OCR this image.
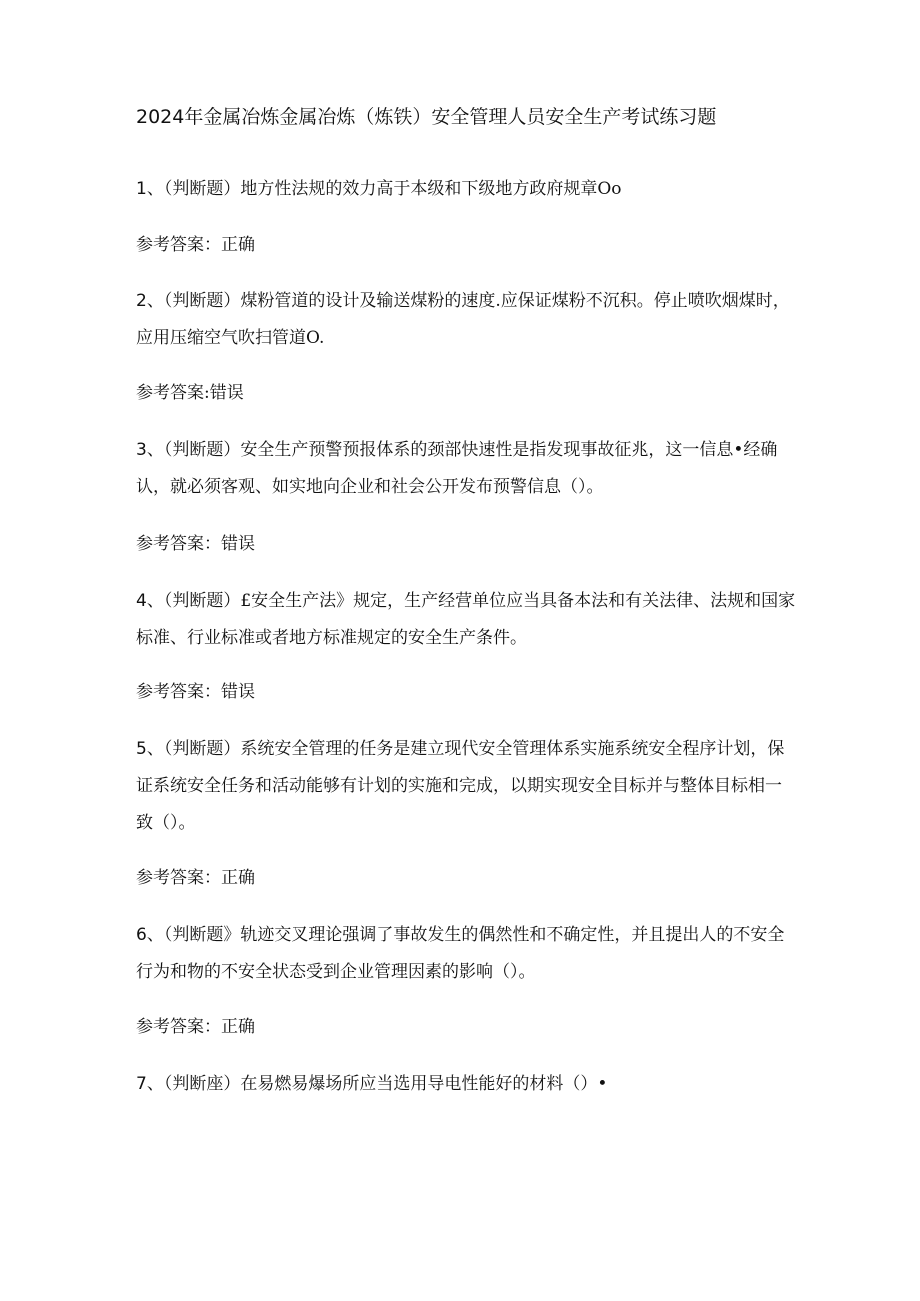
2024年金属冶炼金属冶炼（炼铁）安全管理人员安全生产考试练习题

1、（判断题）地方性法规的效力高于本级和下级地方政府规章Oo

参考答案：正确

2、（判断题）煤粉管道的设计及输送煤粉的速度.应保证煤粉不沉积。停止喷吹烟煤时，应用压缩空气吹扫管道O.

参考答案:错误

3、（判断题）安全生产预警预报体系的颈部快速性是指发现事故征兆，这一信息•经确认，就必须客观、如实地向企业和社会公开发布预警信息（）。

参考答案：错误

4、（判断题）£安全生产法》规定，生产经营单位应当具备本法和有关法律、法规和国家标准、行业标准或者地方标准规定的安全生产条件。

参考答案：错误

5、（判断题）系统安全管理的任务是建立现代安全管理体系实施系统安全程序计划，保证系统安全任务和活动能够有计划的实施和完成，以期实现安全目标并与整体目标相一致（）。

参考答案：正确

6、（判断题》轨迹交叉理论强调了事故发生的偶然性和不确定性，并且提出人的不安全行为和物的不安全状态受到企业管理因素的影响（）。

参考答案：正确

7、（判断座）在易燃易爆场所应当选用导电性能好的材料（）•
